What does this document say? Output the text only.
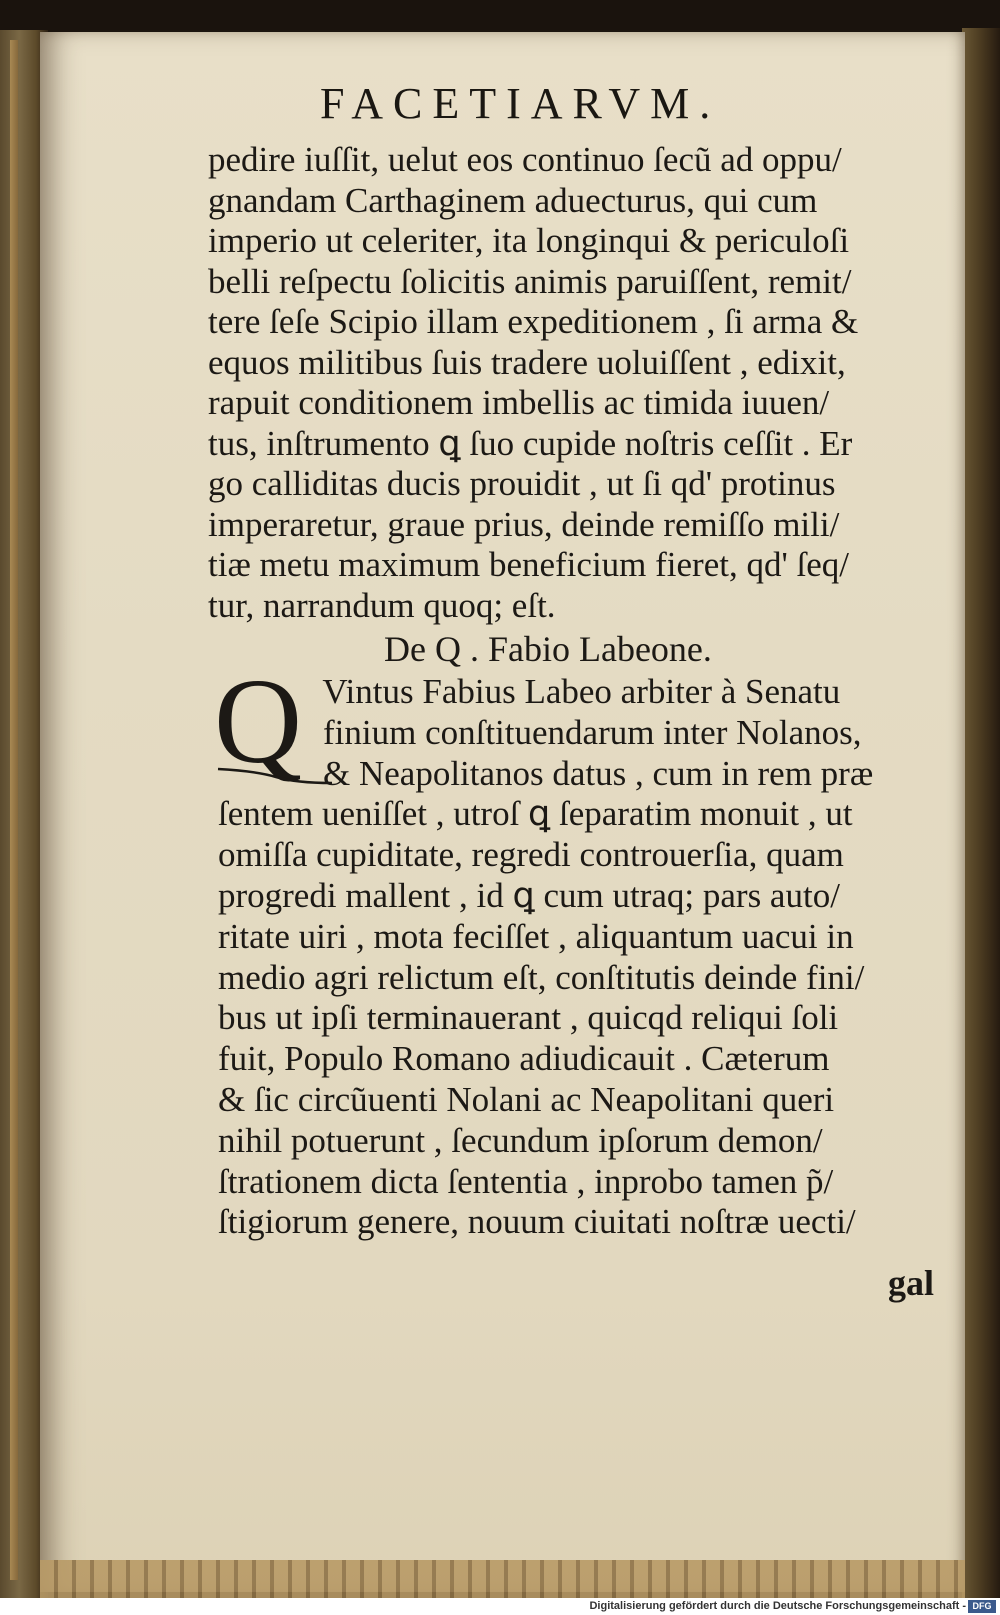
FACETIARVM.
pedire iuſſit, uelut eos continuo ſecũ ad oppu/
gnandam Carthaginem aduecturus, qui cum
imperio ut celeriter, ita longinqui & periculoſi
belli reſpectu ſolicitis animis paruiſſent, remit/
tere ſeſe Scipio illam expeditionem , ſi arma &
equos militibus ſuis tradere uoluiſſent , edixit,
rapuit conditionem imbellis ac timida iuuen/
tus, inſtrumento ꝗ ſuo cupide noſtris ceſſit . Er
go calliditas ducis prouidit , ut ſi qd' protinus
imperaretur, graue prius, deinde remiſſo mili/
tiæ metu maximum beneficium fieret, qd' ſeq/
tur, narrandum quoq; eſt.
De Q . Fabio Labeone.
Q
Vintus Fabius Labeo arbiter à Senatu
finium conſtituendarum inter Nolanos,
& Neapolitanos datus , cum in rem præ
ſentem ueniſſet , utroſ ꝗ ſeparatim monuit , ut
omiſſa cupiditate, regredi controuerſia, quam
progredi mallent , id ꝗ cum utraq; pars auto/
ritate uiri , mota feciſſet , aliquantum uacui in
medio agri relictum eſt, conſtitutis deinde fini/
bus ut ipſi terminauerant , quicqd reliqui ſoli
fuit, Populo Romano adiudicauit . Cæterum
& ſic circũuenti Nolani ac Neapolitani queri
nihil potuerunt , ſecundum ipſorum demon/
ſtrationem dicta ſententia , inprobo tamen p̃/
ſtigiorum genere, nouum ciuitati noſtræ uecti/
gal
Digitalisierung gefördert durch die Deutsche Forschungsgemeinschaft - DFG
